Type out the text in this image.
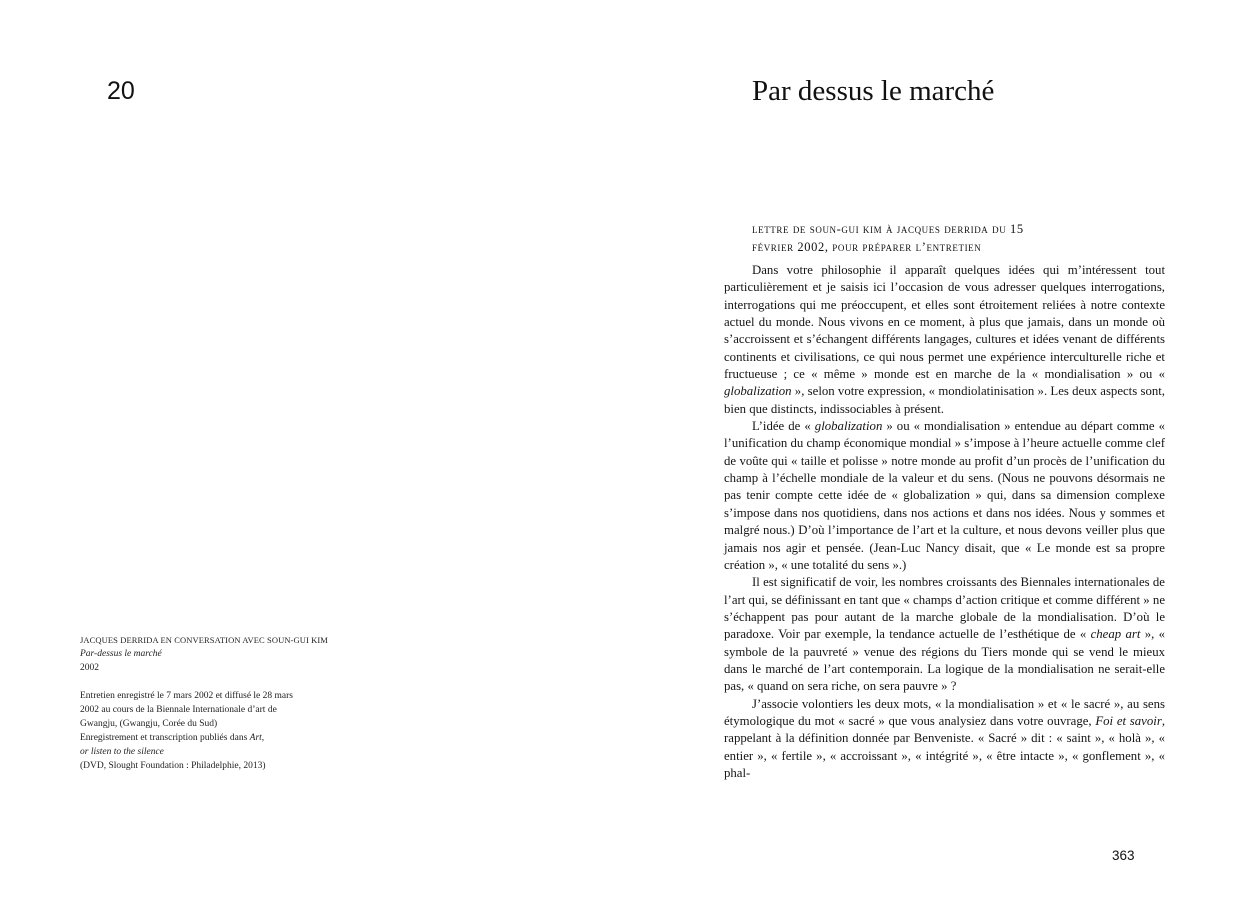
20
JACQUES DERRIDA EN CONVERSATION AVEC SOUN-GUI KIM
Par-dessus le marché
2002
Entretien enregistré le 7 mars 2002 et diffusé le 28 mars
2002 au cours de la Biennale Internationale d’art de
Gwangju, (Gwangju, Corée du Sud)
Enregistrement et transcription publiés dans Art,
or listen to the silence
(DVD, Slought Foundation : Philadelphie, 2013)
Par dessus le marché
lettre de soun-gui kim à jacques derrida du 15
février 2002, pour préparer l’entretien

Dans votre philosophie il apparaît quelques idées qui m’intéressent tout particulièrement et je saisis ici l’occasion de vous adresser quelques interrogations, interrogations qui me préoccupent, et elles sont étroitement reliées à notre contexte actuel du monde. Nous vivons en ce moment, à plus que jamais, dans un monde où s’accroissent et s’échangent différents langages, cultures et idées venant de différents continents et civilisations, ce qui nous permet une expérience interculturelle riche et fructueuse ; ce « même » monde est en marche de la « mondialisation » ou « globalization », selon votre expression, « mondiolatinisation ». Les deux aspects sont, bien que distincts, indissociables à présent.

L’idée de « globalization » ou « mondialisation » entendue au départ comme « l’unification du champ économique mondial » s’impose à l’heure actuelle comme clef de voûte qui « taille et polisse » notre monde au profit d’un procès de l’unification du champ à l’échelle mondiale de la valeur et du sens. (Nous ne pouvons désormais ne pas tenir compte cette idée de « globalization » qui, dans sa dimension complexe s’impose dans nos quotidiens, dans nos actions et dans nos idées. Nous y sommes et malgré nous.) D’où l’importance de l’art et la culture, et nous devons veiller plus que jamais nos agir et pensée. (Jean-Luc Nancy disait, que « Le monde est sa propre création », « une totalité du sens ».)

Il est significatif de voir, les nombres croissants des Biennales internationales de l’art qui, se définissant en tant que « champs d’action critique et comme différent » ne s’échappent pas pour autant de la marche globale de la mondialisation. D’où le paradoxe. Voir par exemple, la tendance actuelle de l’esthétique de « cheap art », « symbole de la pauvreté » venue des régions du Tiers monde qui se vend le mieux dans le marché de l’art contemporain. La logique de la mondialisation ne serait-elle pas, « quand on sera riche, on sera pauvre » ?

J’associe volontiers les deux mots, « la mondialisation » et « le sacré », au sens étymologique du mot « sacré » que vous analysiez dans votre ouvrage, Foi et savoir, rappelant à la définition donnée par Benveniste. « Sacré » dit : « saint », « holà », « entier », « fertile », « accroissant », « intégrité », « être intacte », « gonflement », « phal-

363
